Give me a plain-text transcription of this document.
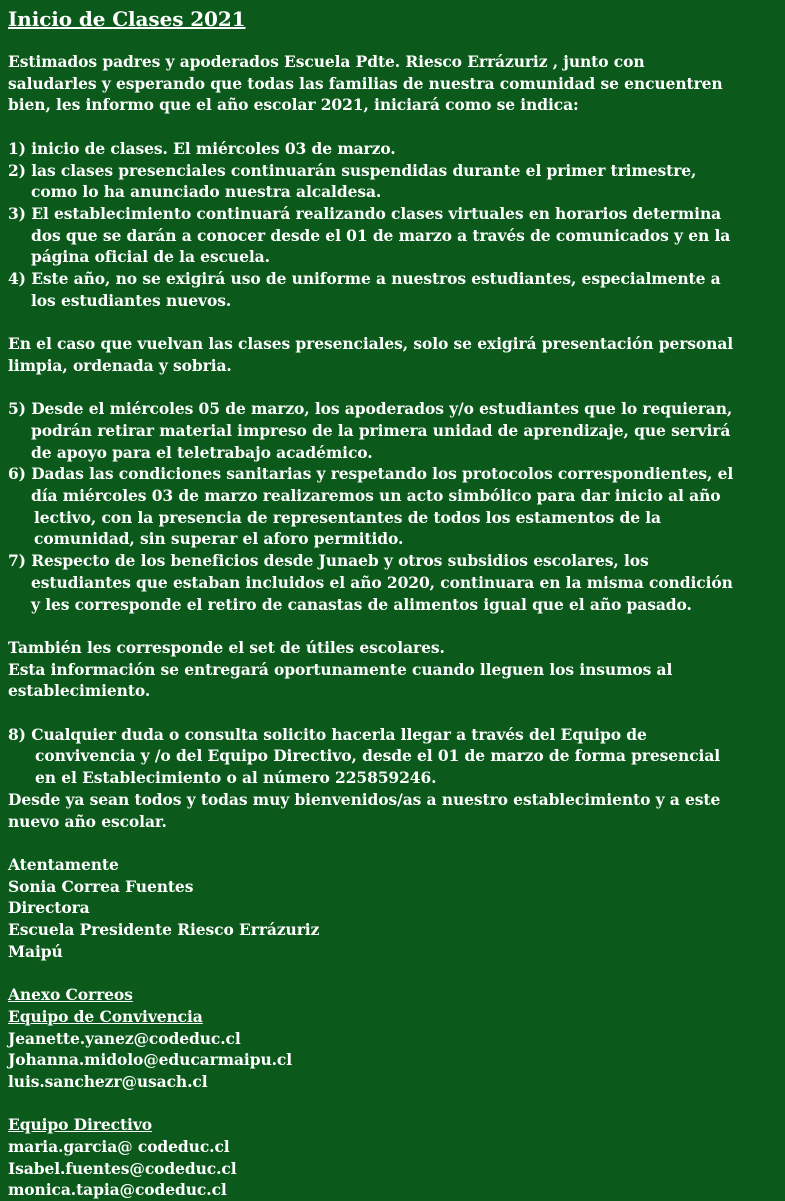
Inicio de Clases 2021
Estimados padres y apoderados Escuela Pdte. Riesco Errázuriz , junto con
saludarles y esperando que todas las familias de nuestra comunidad se encuentren
bien, les informo que el año escolar 2021, iniciará como se indica:
1) inicio de clases. El miércoles 03 de marzo.
2) las clases presenciales continuarán suspendidas durante el primer trimestre,
como lo ha anunciado nuestra alcaldesa.
3) El establecimiento continuará realizando clases virtuales en horarios determina
dos que se darán a conocer desde el 01 de marzo a través de comunicados y en la
página oficial de la escuela.
4) Este año, no se exigirá uso de uniforme a nuestros estudiantes, especialmente a
los estudiantes nuevos.
En el caso que vuelvan las clases presenciales, solo se exigirá presentación personal
limpia, ordenada y sobria.
5) Desde el miércoles 05 de marzo, los apoderados y/o estudiantes que lo requieran,
podrán retirar material impreso de la primera unidad de aprendizaje, que servirá
de apoyo para el teletrabajo académico.
6) Dadas las condiciones sanitarias y respetando los protocolos correspondientes, el
día miércoles 03 de marzo realizaremos un acto simbólico para dar inicio al año
lectivo, con la presencia de representantes de todos los estamentos de la
comunidad, sin superar el aforo permitido.
7) Respecto de los beneficios desde Junaeb y otros subsidios escolares, los
estudiantes que estaban incluidos el año 2020, continuara en la misma condición
y les corresponde el retiro de canastas de alimentos igual que el año pasado.
También les corresponde el set de útiles escolares.
Esta información se entregará oportunamente cuando lleguen los insumos al
establecimiento.
8) Cualquier duda o consulta solicito hacerla llegar a través del Equipo de
convivencia y /o del Equipo Directivo, desde el 01 de marzo de forma presencial
en el Establecimiento o al número 225859246.
Desde ya sean todos y todas muy bienvenidos/as a nuestro establecimiento y a este
nuevo año escolar.
Atentamente
Sonia Correa Fuentes
Directora
Escuela Presidente Riesco Errázuriz
Maipú
Anexo Correos
Equipo de Convivencia
Jeanette.yanez@codeduc.cl
Johanna.midolo@educarmaipu.cl
luis.sanchezr@usach.cl
Equipo Directivo
maria.garcia@ codeduc.cl
Isabel.fuentes@codeduc.cl
monica.tapia@codeduc.cl
